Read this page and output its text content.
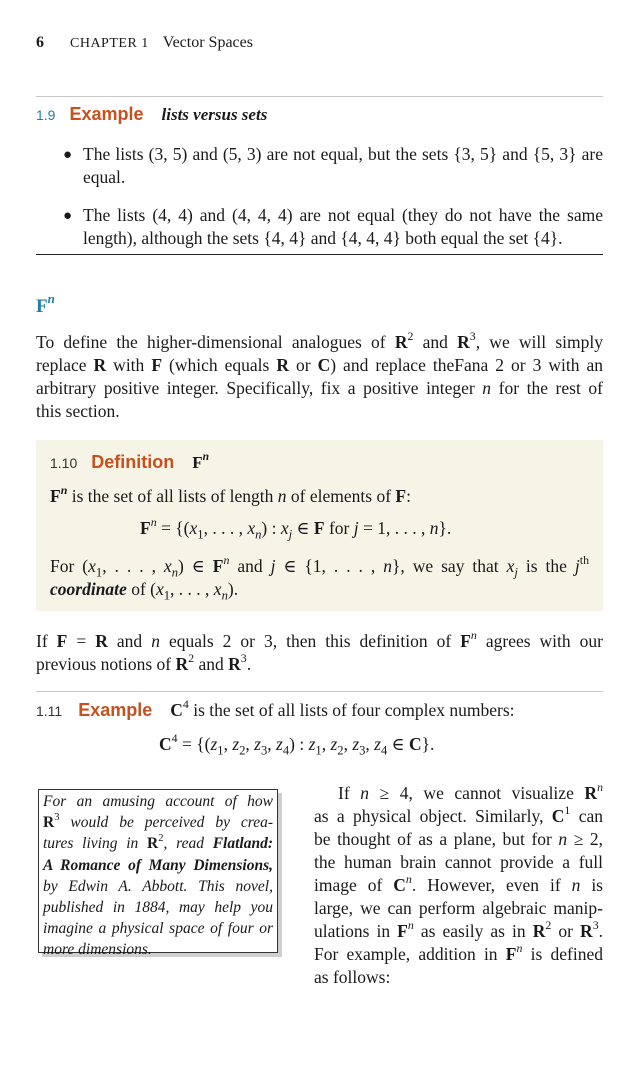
6 CHAPTER 1 Vector Spaces
1.9 Example lists versus sets
● The lists (3, 5) and (5, 3) are not equal, but the sets {3, 5} and {5, 3} are
equal.
● The lists (4, 4) and (4, 4, 4) are not equal (they do not have the same
length), although the sets {4, 4} and {4, 4, 4} both equal the set {4}.
$F^n$
To define the higher-dimensional analogues of $R^2$ and $R^3$, we will simply
replace R with F (which equals R or C) and replace theFana 2 or 3 with an
arbitrary positive integer. Specifically, fix a positive integer n for the rest of
this section.
1.10 Definition $F^n$
$F^n$ is the set of all lists of length n of elements of F:
$F^n = \{(x_1$, . . . , $x_n$) : $x_j$ ∈ F for j = 1, . . . , n}.
For ($x_1$, . . . , $x_n$) ∈ $F^n$ and j ∈ {1, . . . , n}, we say that $x_j$ is the $j^{th}$
coordinate of ($x_1$, . . . , $x_n$).
If F = R and n equals 2 or 3, then this definition of $F^n$ agrees with our
previous notions of $R^2$ and $R^3$.
1.11 Example $C^4$ is the set of all lists of four complex numbers:
$C^4 = \{(z_1$, $z_2$, $z_3$, $z_4$) : $z_1$, $z_2$, $z_3$, $z_4$ ∈ C}.
For an amusing account of how
$R^3$ would be perceived by crea-
tures living in $R^2$, read Flatland:
A Romance of Many Dimensions,
by Edwin A. Abbott. This novel,
published in 1884, may help you
imagine a physical space of four or
more dimensions.
If n ≥ 4, we cannot visualize $R^n$
as a physical object. Similarly, $C^1$ can
be thought of as a plane, but for n ≥ 2,
the human brain cannot provide a full
image of $C^n$. However, even if n is
large, we can perform algebraic manip-
ulations in $F^n$ as easily as in $R^2$ or $R^3$.
For example, addition in $F^n$ is defined
as follows:
